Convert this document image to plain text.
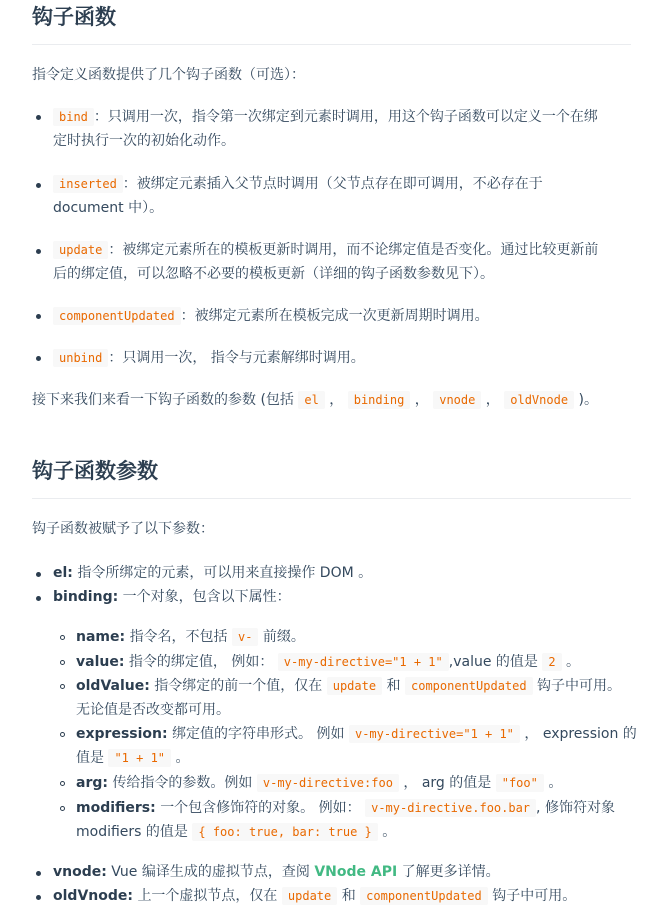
钩子函数

指令定义函数提供了几个钩子函数（可选）：

bind ：只调用一次，指令第一次绑定到元素时调用，用这个钩子函数可以定义一个在绑
定时执行一次的初始化动作。
inserted ：被绑定元素插入父节点时调用（父节点存在即可调用，不必存在于
document 中）。
update ：被绑定元素所在的模板更新时调用，而不论绑定值是否变化。通过比较更新前
后的绑定值，可以忽略不必要的模板更新（详细的钩子函数参数见下）。
componentUpdated ：被绑定元素所在模板完成一次更新周期时调用。
unbind ：只调用一次， 指令与元素解绑时调用。

接下来我们来看一下钩子函数的参数 (包括 el ， binding ， vnode ， oldVnode )。

钩子函数参数

钩子函数被赋予了以下参数：

el: 指令所绑定的元素，可以用来直接操作 DOM 。
binding: 一个对象，包含以下属性：
name: 指令名，不包括 v- 前缀。
value: 指令的绑定值， 例如： v-my-directive="1 + 1" ,value 的值是 2 。
oldValue: 指令绑定的前一个值，仅在 update 和 componentUpdated 钩子中可用。
无论值是否改变都可用。
expression: 绑定值的字符串形式。 例如 v-my-directive="1 + 1" ， expression 的
值是 "1 + 1" 。
arg: 传给指令的参数。例如 v-my-directive:foo ， arg 的值是 "foo" 。
modifiers: 一个包含修饰符的对象。 例如： v-my-directive.foo.bar , 修饰符对象
modifiers 的值是 { foo: true, bar: true } 。
vnode: Vue 编译生成的虚拟节点，查阅 VNode API 了解更多详情。
oldVnode: 上一个虚拟节点，仅在 update 和 componentUpdated 钩子中可用。
